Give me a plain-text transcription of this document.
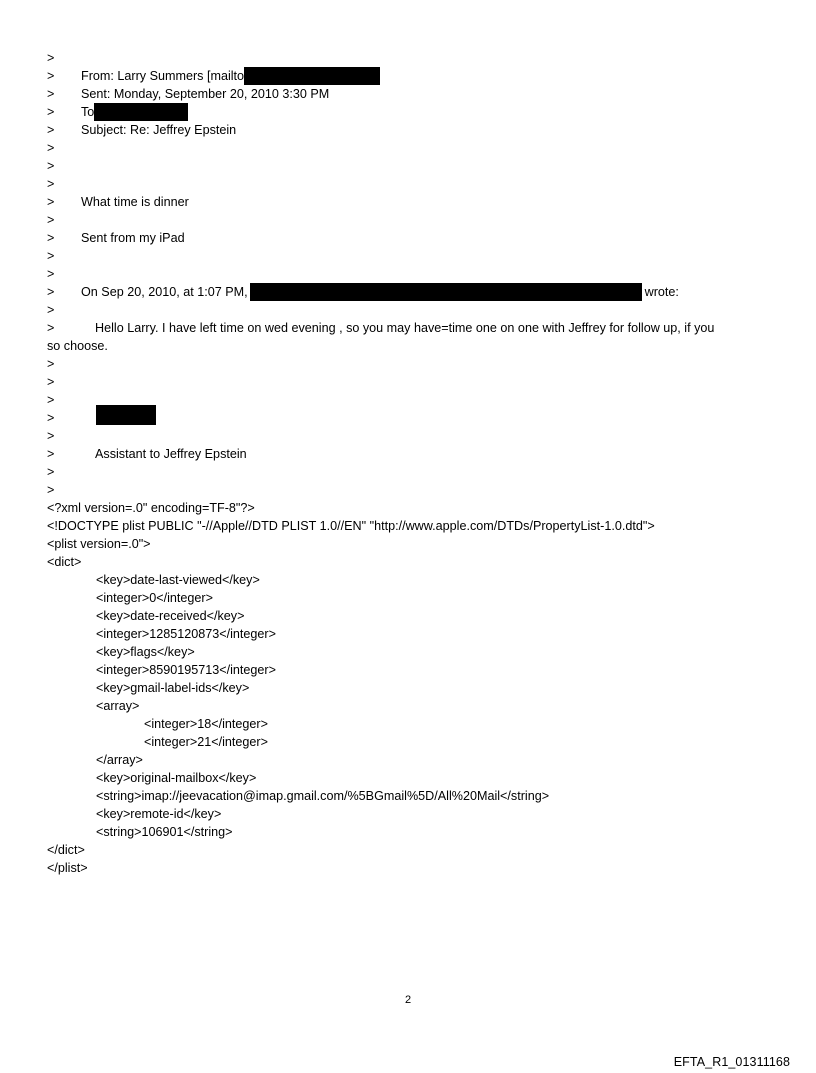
>
> From: Larry Summers [mailto
> Sent: Monday, September 20, 2010 3:30 PM
> To
> Subject: Re: Jeffrey Epstein
>
>
>
> What time is dinner
>
> Sent from my iPad
>
>
> On Sep 20, 2010, at 1:07 PM,	wrote:
>
>	Hello Larry. I have left time on wed evening , so you may have=time one on one with Jeffrey for follow up, if you
so choose.
>
>
>
>
>
>	Assistant to Jeffrey Epstein
>
>
<?xml version=.0" encoding=TF-8"?>
<!DOCTYPE plist PUBLIC "-//Apple//DTD PLIST 1.0//EN" "http://www.apple.com/DTDs/PropertyList-1.0.dtd">
<plist version=.0">
<dict>
<key>date-last-viewed</key>
<integer>0</integer>
<key>date-received</key>
<integer>1285120873</integer>
<key>flags</key>
<integer>8590195713</integer>
<key>gmail-label-ids</key>
<array>
<integer>18</integer>
<integer>21</integer>
</array>
<key>original-mailbox</key>
<string>imap://jeevacation@imap.gmail.com/%5BGmail%5D/All%20Mail</string>
<key>remote-id</key>
<string>106901</string>
</dict>
</plist>
2
EFTA_R1_01311168
